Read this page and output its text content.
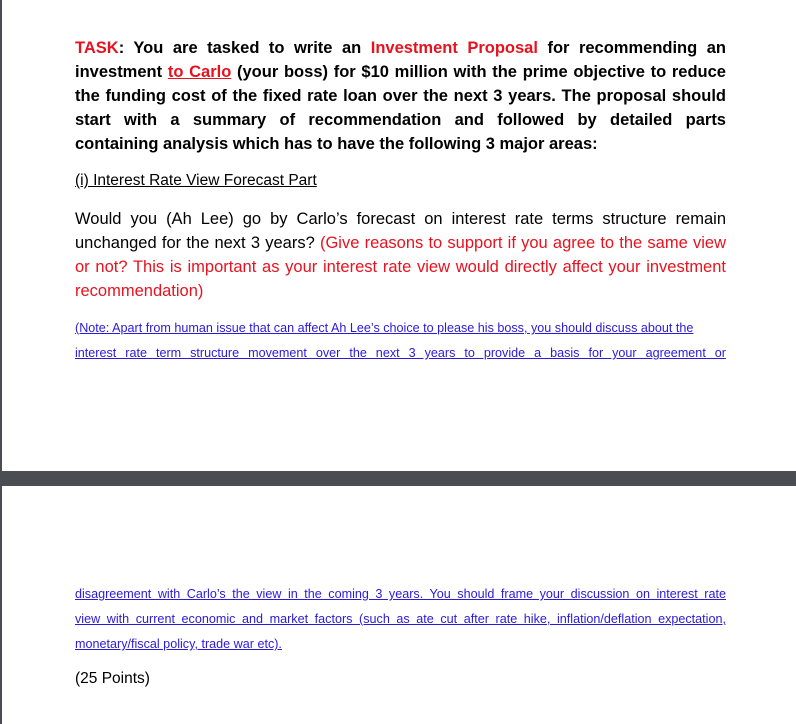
TASK: You are tasked to write an Investment Proposal for recommending an investment to Carlo (your boss) for $10 million with the prime objective to reduce the funding cost of the fixed rate loan over the next 3 years. The proposal should start with a summary of recommendation and followed by detailed parts containing analysis which has to have the following 3 major areas:

(i) Interest Rate View Forecast Part

Would you (Ah Lee) go by Carlo’s forecast on interest rate terms structure remain unchanged for the next 3 years? (Give reasons to support if you agree to the same view or not? This is important as your interest rate view would directly affect your investment recommendation)

(Note: Apart from human issue that can affect Ah Lee’s choice to please his boss, you should discuss about the

interest rate term structure movement over the next 3 years to provide a basis for your agreement or

disagreement with Carlo’s the view in the coming 3 years. You should frame your discussion on interest rate

view with current economic and market factors (such as ate cut after rate hike, inflation/deflation expectation,

monetary/fiscal policy, trade war etc).

(25 Points)
